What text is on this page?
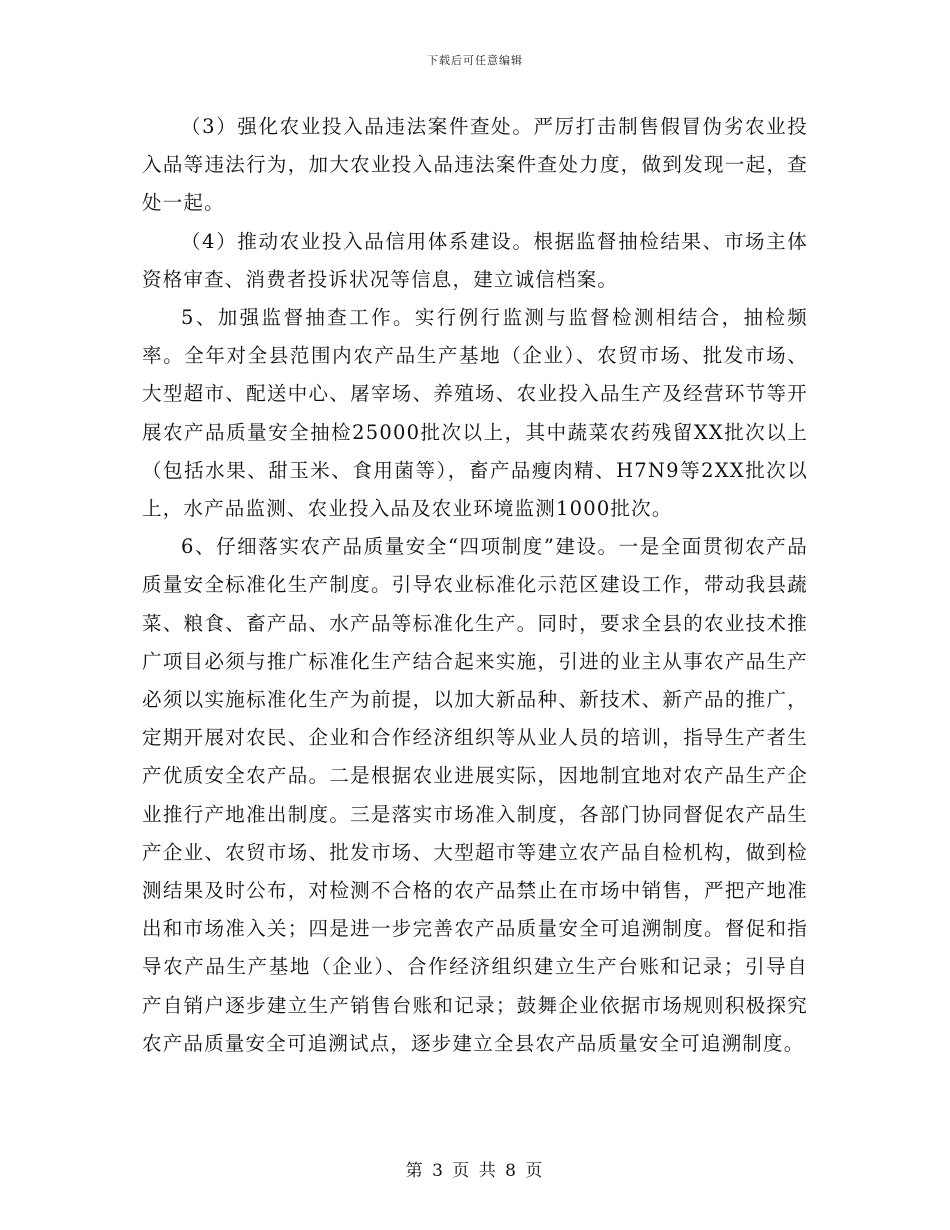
下载后可任意编辑

（3）强化农业投入品违法案件查处。严厉打击制售假冒伪劣农业投入品等违法行为，加大农业投入品违法案件查处力度，做到发现一起，查处一起。

（4）推动农业投入品信用体系建设。根据监督抽检结果、市场主体资格审查、消费者投诉状况等信息，建立诚信档案。

5、加强监督抽查工作。实行例行监测与监督检测相结合，抽检频率。全年对全县范围内农产品生产基地（企业）、农贸市场、批发市场、大型超市、配送中心、屠宰场、养殖场、农业投入品生产及经营环节等开展农产品质量安全抽检25000批次以上，其中蔬菜农药残留XX批次以上（包括水果、甜玉米、食用菌等），畜产品瘦肉精、H7N9等2XX批次以上，水产品监测、农业投入品及农业环境监测1000批次。

6、仔细落实农产品质量安全“四项制度”建设。一是全面贯彻农产品质量安全标准化生产制度。引导农业标准化示范区建设工作，带动我县蔬菜、粮食、畜产品、水产品等标准化生产。同时，要求全县的农业技术推广项目必须与推广标准化生产结合起来实施，引进的业主从事农产品生产必须以实施标准化生产为前提，以加大新品种、新技术、新产品的推广，定期开展对农民、企业和合作经济组织等从业人员的培训，指导生产者生产优质安全农产品。二是根据农业进展实际，因地制宜地对农产品生产企业推行产地准出制度。三是落实市场准入制度，各部门协同督促农产品生产企业、农贸市场、批发市场、大型超市等建立农产品自检机构，做到检测结果及时公布，对检测不合格的农产品禁止在市场中销售，严把产地准出和市场准入关；四是进一步完善农产品质量安全可追溯制度。督促和指导农产品生产基地（企业）、合作经济组织建立生产台账和记录；引导自产自销户逐步建立生产销售台账和记录；鼓舞企业依据市场规则积极探究农产品质量安全可追溯试点，逐步建立全县农产品质量安全可追溯制度。

第 3 页 共 8 页
